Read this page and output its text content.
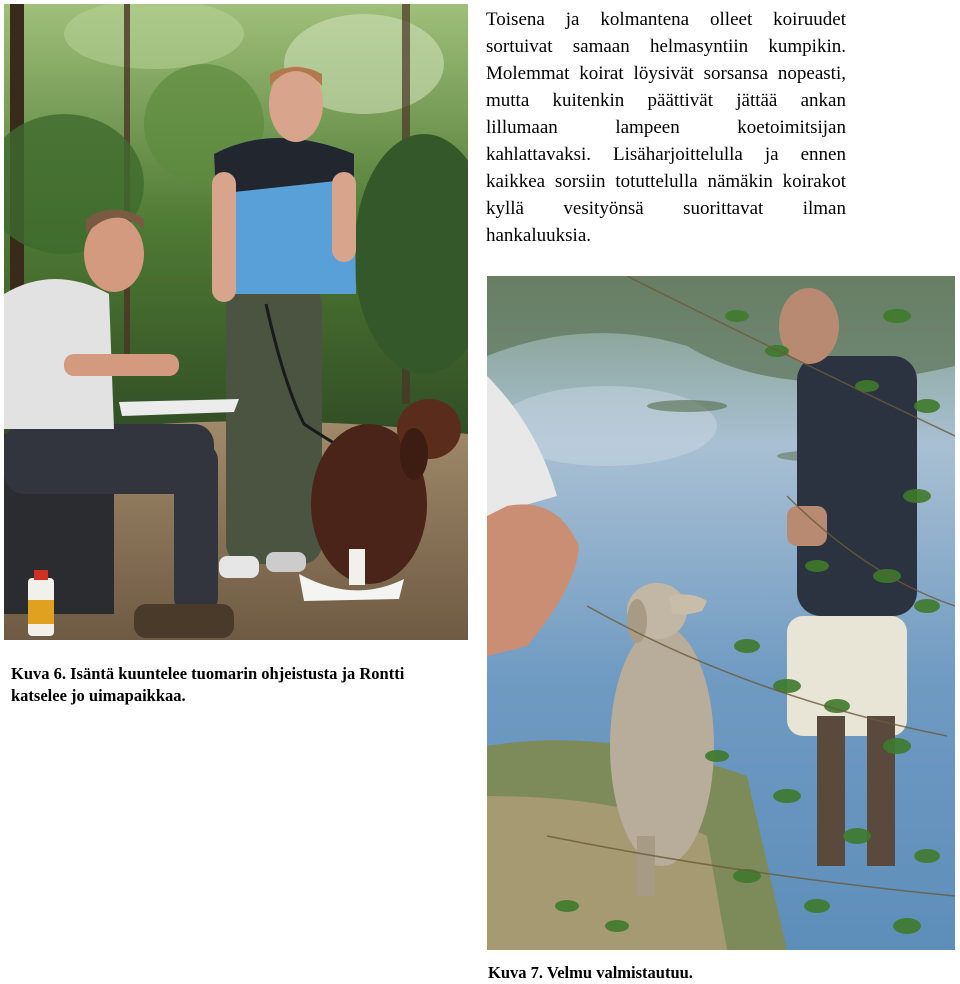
Toisena ja kolmantena olleet koiruudet sortuivat samaan helmasyntiin kumpikin. Molemmat koirat löysivät sorsansa nopeasti, mutta kuitenkin päättivät jättää ankan lillumaan lampeen koetoimitsijan kahlattavaksi. Lisäharjoittelulla ja ennen kaikkea sorsiin totuttelulla nämäkin koirakot kyllä vesityönsä suorittavat ilman hankaluuksia.

Kuva 6. Isäntä kuuntelee tuomarin ohjeistusta ja Rontti katselee jo uimapaikkaa.
Kuva 7. Velmu valmistautuu.
